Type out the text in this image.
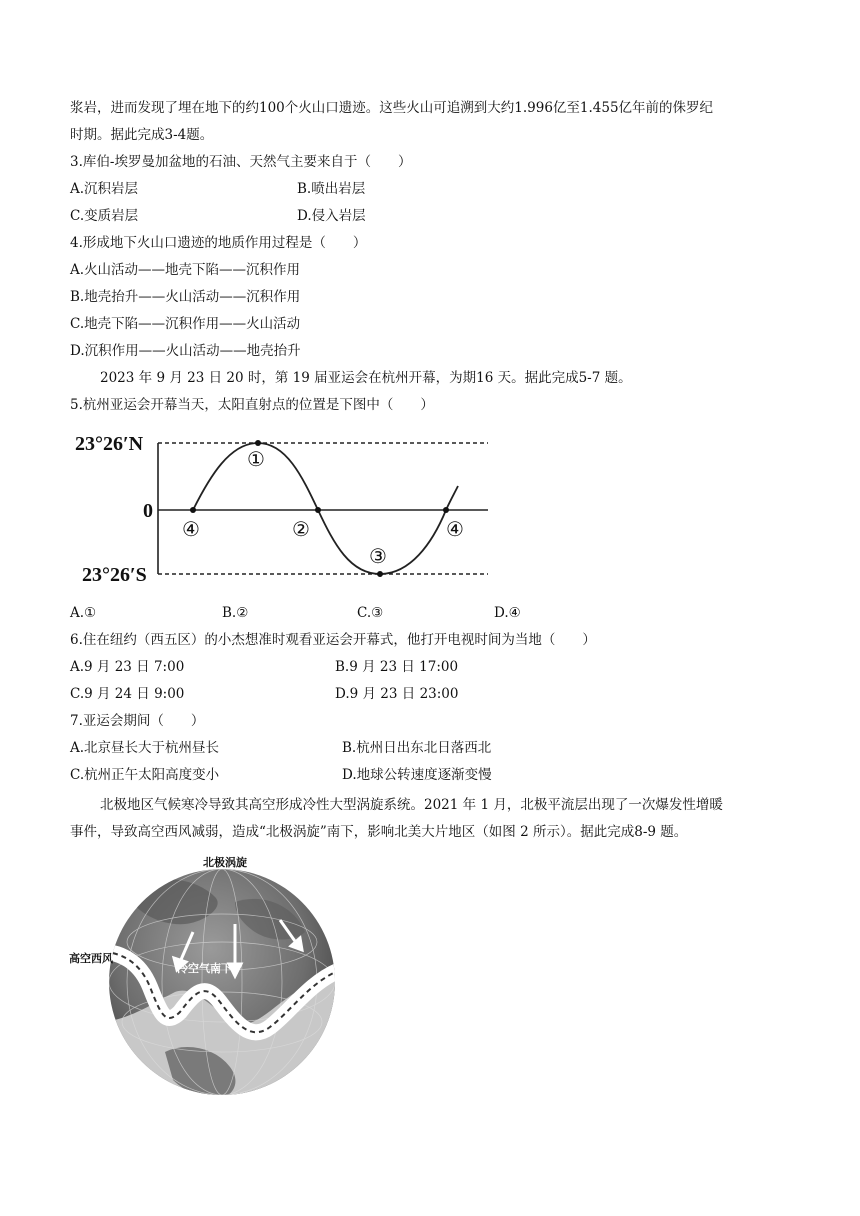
浆岩，进而发现了埋在地下的约100个火山口遗迹。这些火山可追溯到大约1.996亿至1.455亿年前的侏罗纪
时期。据此完成3-4题。
3.库伯-埃罗曼加盆地的石油、天然气主要来自于（　　）
A.沉积岩层	B.喷出岩层
C.变质岩层	D.侵入岩层
4.形成地下火山口遗迹的地质作用过程是（　　）
A.火山活动——地壳下陷——沉积作用
B.地壳抬升——火山活动——沉积作用
C.地壳下陷——沉积作用——火山活动
D.沉积作用——火山活动——地壳抬升
2023 年 9 月 23 日 20 时，第 19 届亚运会在杭州开幕，为期16 天。据此完成5-7 题。
5.杭州亚运会开幕当天，太阳直射点的位置是下图中（　　）
23°26′N
0
23°26′S
①
④	②
③
④
A.①	B.②	C.③	D.④
6.住在纽约（西五区）的小杰想准时观看亚运会开幕式，他打开电视时间为当地（　　）
A.9 月 23 日 7:00	B.9 月 23 日 17:00
C.9 月 24 日 9:00	D.9 月 23 日 23:00
7.亚运会期间（　　）
A.北京昼长大于杭州昼长	B.杭州日出东北日落西北
C.杭州正午太阳高度变小	D.地球公转速度逐渐变慢
北极地区气候寒冷导致其高空形成冷性大型涡旋系统。2021 年 1 月，北极平流层出现了一次爆发性增暖
事件，导致高空西风减弱，造成“北极涡旋”南下，影响北美大片地区（如图 2 所示）。据此完成8-9 题。
北极涡旋
高空西风
冷空气南下
